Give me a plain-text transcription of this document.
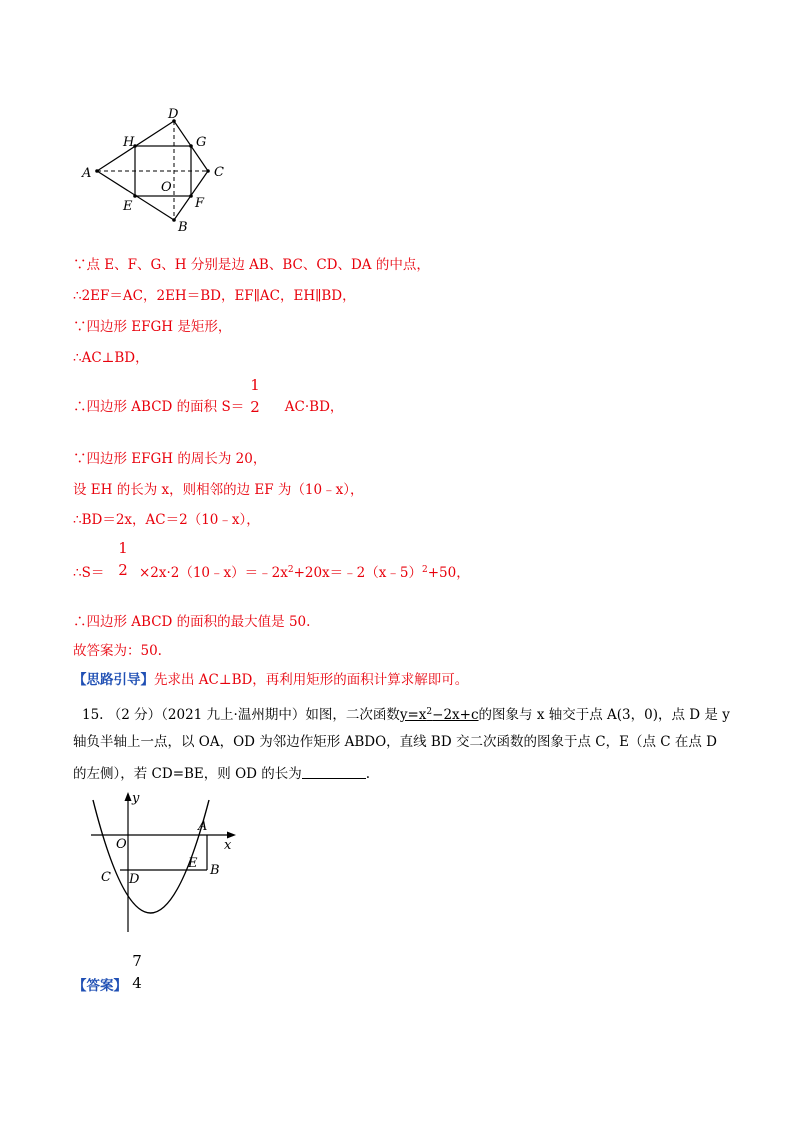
A
D
C
B
H	G
E	F
O
∵点 E、F、G、H 分别是边 AB、BC、CD、DA 的中点，
∴2EF＝AC，2EH＝BD，EF∥AC，EH∥BD，
∵四边形 EFGH 是矩形，
∴AC⊥BD，
∴四边形 ABCD 的面积 S＝	AC·BD，
1
2
∵四边形 EFGH 的周长为 20，
设 EH 的长为 x，则相邻的边 EF 为（10﹣x），
∴BD＝2x，AC＝2（10﹣x），
∴S＝	$\times 2x\cdot 2(10﹣x)=﹣2x^2+20x=﹣2(x﹣5)^2+50$，
1
2
∴四边形 ABCD 的面积的最大值是 50.
故答案为：50.
【思路引导】先求出 AC⊥BD，再利用矩形的面积计算求解即可。
15. （2 分）（2021 九上·温州期中）如图，二次函数$y=x^2-2x+c$的图象与 x 轴交于点 A(3，0)，点 D 是 y
轴负半轴上一点，以 OA，OD 为邻边作矩形 ABDO，直线 BD 交二次函数的图象于点 C，E（点 C 在点 D
的左侧），若 CD=BE，则 OD 的长为	.
y
x
O
A
E B
C D
【答案】
7
4
